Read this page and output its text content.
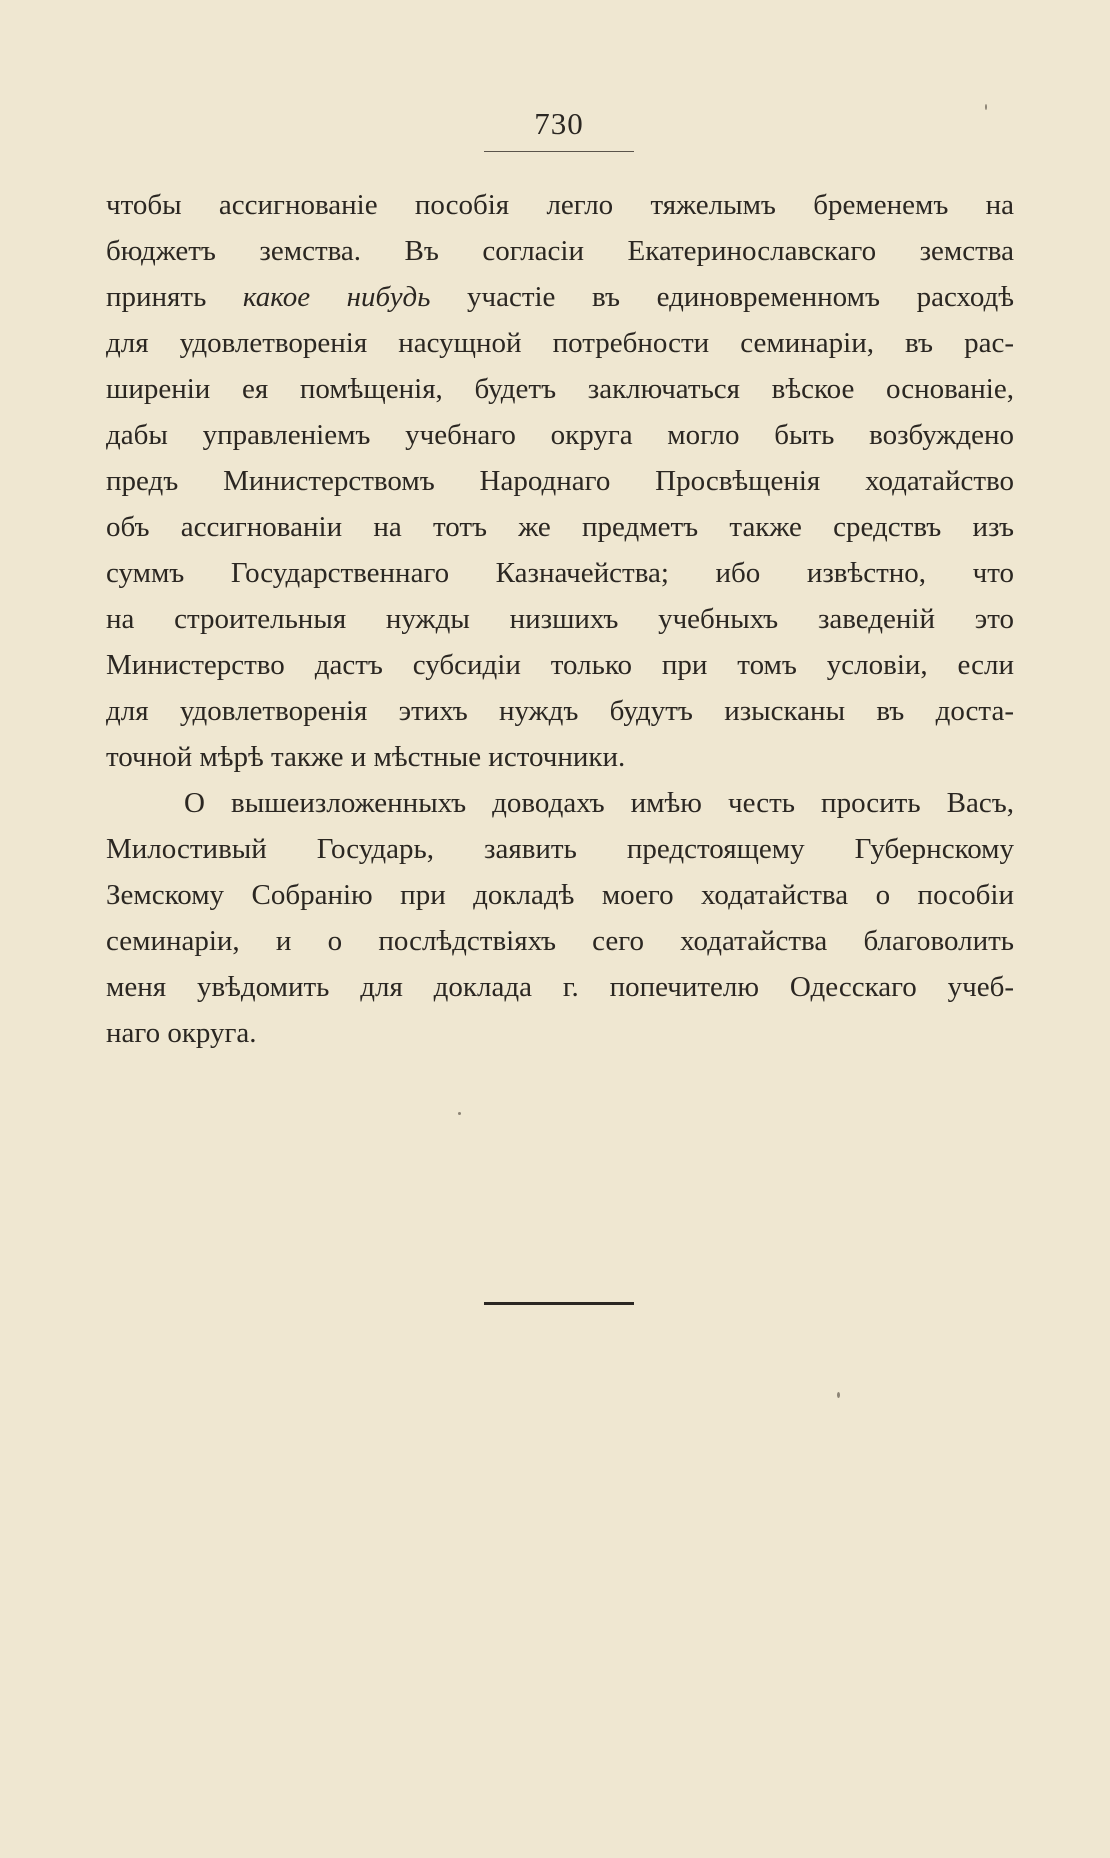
730
чтобы ассигнованіе пособія легло тяжелымъ бременемъ на
бюджетъ земства. Въ согласіи Екатеринославскаго земства
принять какое нибудь участіе въ единовременномъ расходѣ
для удовлетворенія насущной потребности семинаріи, въ рас-
ширеніи ея помѣщенія, будетъ заключаться вѣское основаніе,
дабы управленіемъ учебнаго округа могло быть возбуждено
предъ Министерствомъ Народнаго Просвѣщенія ходатайство
объ ассигнованіи на тотъ же предметъ также средствъ изъ
суммъ Государственнаго Казначейства; ибо извѣстно, что
на строительныя нужды низшихъ учебныхъ заведеній это
Министерство дастъ субсидіи только при томъ условіи, если
для удовлетворенія этихъ нуждъ будутъ изысканы въ доста-
точной мѣрѣ также и мѣстные источники.
О вышеизложенныхъ доводахъ имѣю честь просить Васъ,
Милостивый Государь, заявить предстоящему Губернскому
Земскому Собранію при докладѣ моего ходатайства о пособіи
семинаріи, и о послѣдствіяхъ сего ходатайства благоволить
меня увѣдомить для доклада г. попечителю Одесскаго учеб-
наго округа.
